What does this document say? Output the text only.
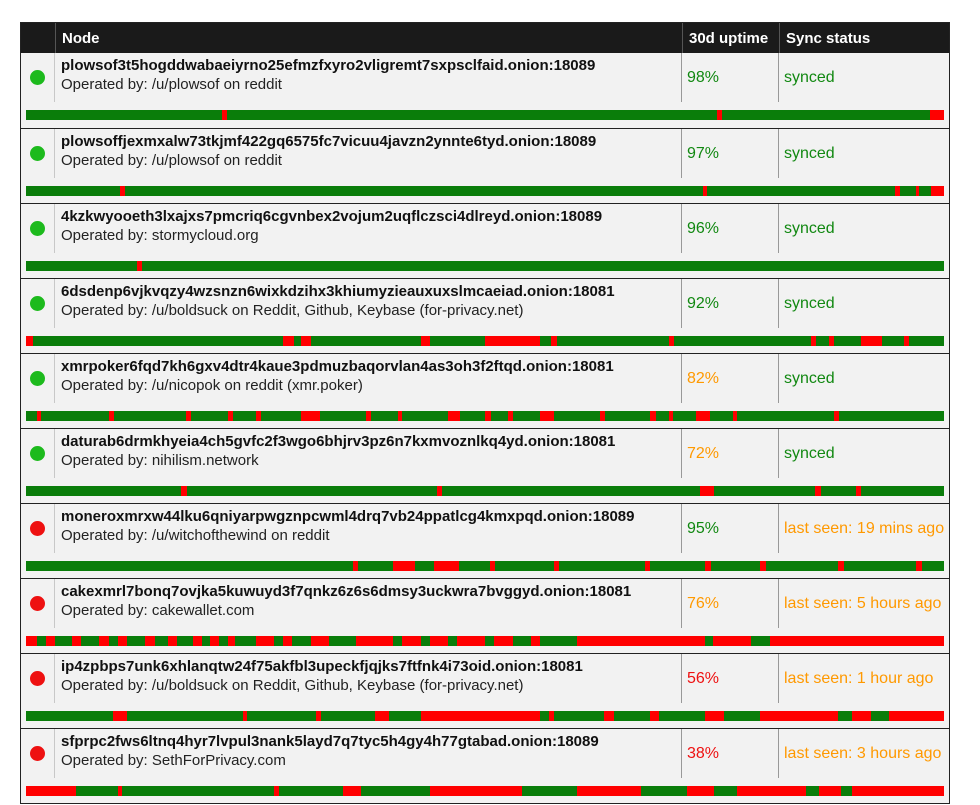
Node	30d uptime	Sync status
plowsof3t5hogddwabaeiyrno25efmzfxyro2vligremt7sxpsclfaid.onion:18089
Operated by: /u/plowsof on reddit	98%	synced
plowsoffjexmxalw73tkjmf422gq6575fc7vicuu4javzn2ynnte6tyd.onion:18089
Operated by: /u/plowsof on reddit	97%	synced
4kzkwyooeth3lxajxs7pmcriq6cgvnbex2vojum2uqflczsci4dlreyd.onion:18089
Operated by: stormycloud.org	96%	synced
6dsdenp6vjkvqzy4wzsnzn6wixkdzihx3khiumyzieauxuxslmcaeiad.onion:18081
Operated by: /u/boldsuck on Reddit, Github, Keybase (for-privacy.net)	92%	synced
xmrpoker6fqd7kh6gxv4dtr4kaue3pdmuzbaqorvlan4as3oh3f2ftqd.onion:18081
Operated by: /u/nicopok on reddit (xmr.poker)	82%	synced
daturab6drmkhyeia4ch5gvfc2f3wgo6bhjrv3pz6n7kxmvoznlkq4yd.onion:18081
Operated by: nihilism.network	72%	synced
moneroxmrxw44lku6qniyarpwgznpcwml4drq7vb24ppatlcg4kmxpqd.onion:18089
Operated by: /u/witchofthewind on reddit	95%	last seen: 19 mins ago
cakexmrl7bonq7ovjka5kuwuyd3f7qnkz6z6s6dmsy3uckwra7bvggyd.onion:18081
Operated by: cakewallet.com	76%	last seen: 5 hours ago
ip4zpbps7unk6xhlanqtw24f75akfbl3upeckfjqjks7ftfnk4i73oid.onion:18081
Operated by: /u/boldsuck on Reddit, Github, Keybase (for-privacy.net)	56%	last seen: 1 hour ago
sfprpc2fws6ltnq4hyr7lvpul3nank5layd7q7tyc5h4gy4h77gtabad.onion:18089
Operated by: SethForPrivacy.com	38%	last seen: 3 hours ago
